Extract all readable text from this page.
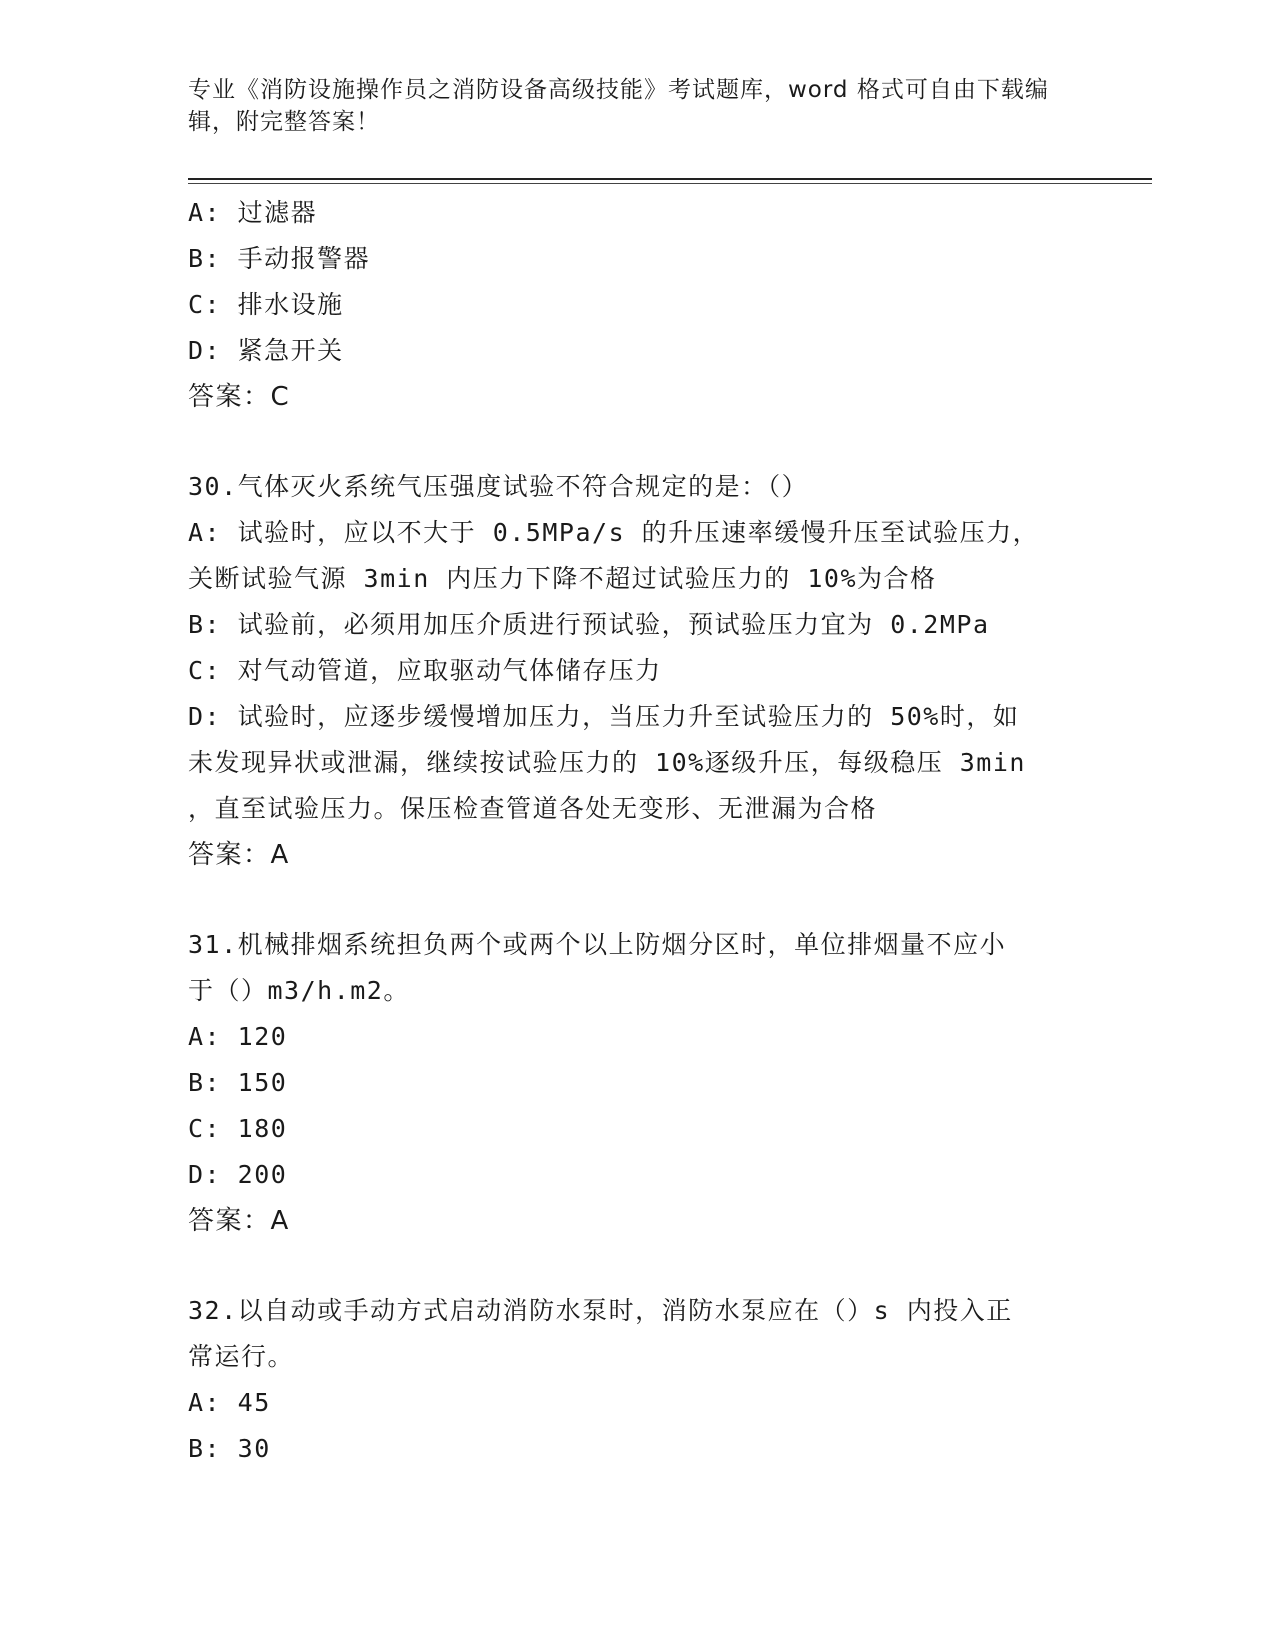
专业《消防设施操作员之消防设备高级技能》考试题库，word 格式可自由下载编
辑，附完整答案！
A: 过滤器
B: 手动报警器
C: 排水设施
D: 紧急开关
答案：C
30.气体灭火系统气压强度试验不符合规定的是：（）
A: 试验时，应以不大于 0.5MPa/s 的升压速率缓慢升压至试验压力，
关断试验气源 3min 内压力下降不超过试验压力的 10%为合格
B: 试验前，必须用加压介质进行预试验，预试验压力宜为 0.2MPa
C: 对气动管道，应取驱动气体储存压力
D: 试验时，应逐步缓慢增加压力，当压力升至试验压力的 50%时，如
未发现异状或泄漏，继续按试验压力的 10%逐级升压，每级稳压 3min
，直至试验压力。保压检查管道各处无变形、无泄漏为合格
答案：A
31.机械排烟系统担负两个或两个以上防烟分区时，单位排烟量不应小
于（）m3/h.m2。
A: 120
B: 150
C: 180
D: 200
答案：A
32.以自动或手动方式启动消防水泵时，消防水泵应在（）s 内投入正
常运行。
A: 45
B: 30
